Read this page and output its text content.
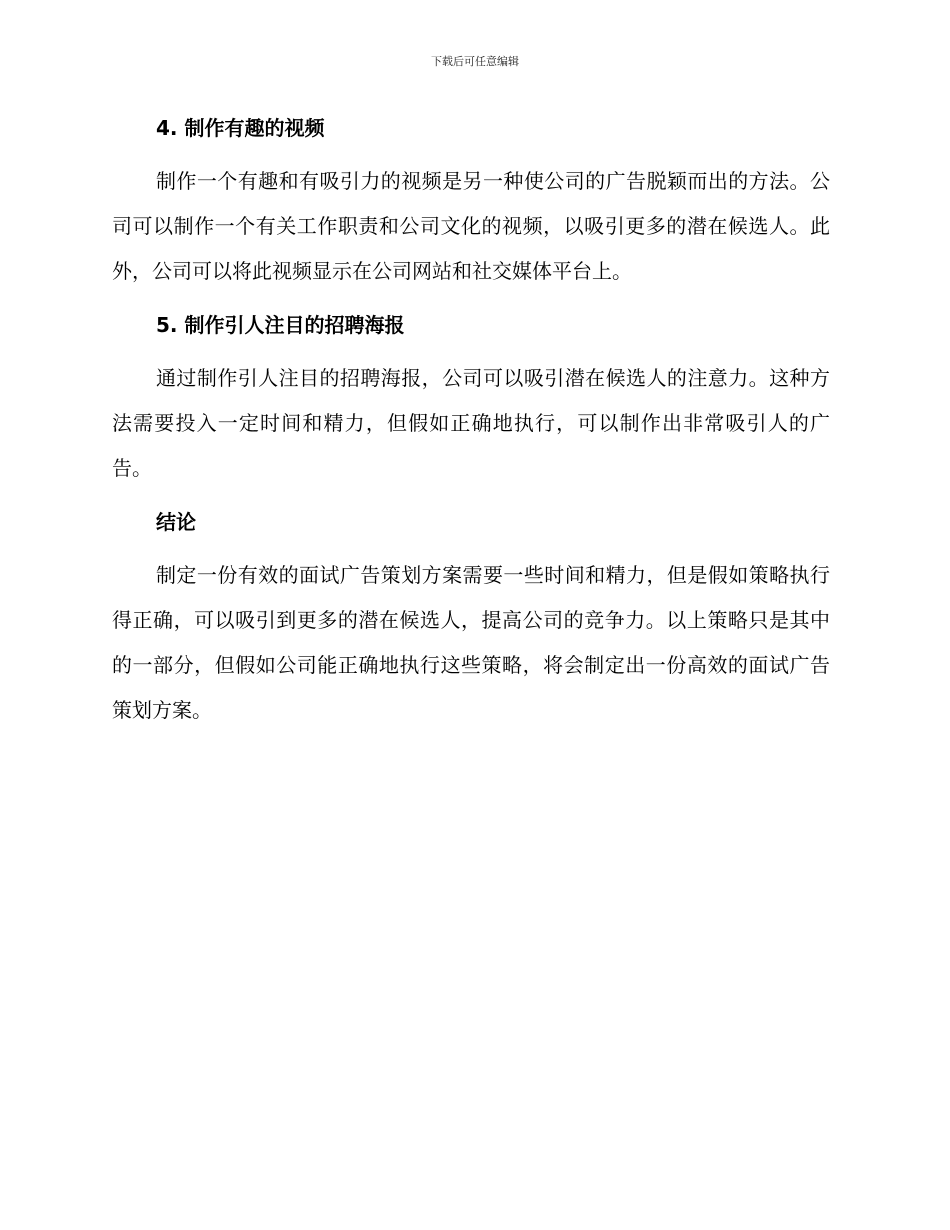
下载后可任意编辑
4. 制作有趣的视频

制作一个有趣和有吸引力的视频是另一种使公司的广告脱颖而出的方法。公司可以制作一个有关工作职责和公司文化的视频，以吸引更多的潜在候选人。此外，公司可以将此视频显示在公司网站和社交媒体平台上。

5. 制作引人注目的招聘海报

通过制作引人注目的招聘海报，公司可以吸引潜在候选人的注意力。这种方法需要投入一定时间和精力，但假如正确地执行，可以制作出非常吸引人的广告。

结论

制定一份有效的面试广告策划方案需要一些时间和精力，但是假如策略执行得正确，可以吸引到更多的潜在候选人，提高公司的竞争力。以上策略只是其中的一部分，但假如公司能正确地执行这些策略，将会制定出一份高效的面试广告策划方案。
